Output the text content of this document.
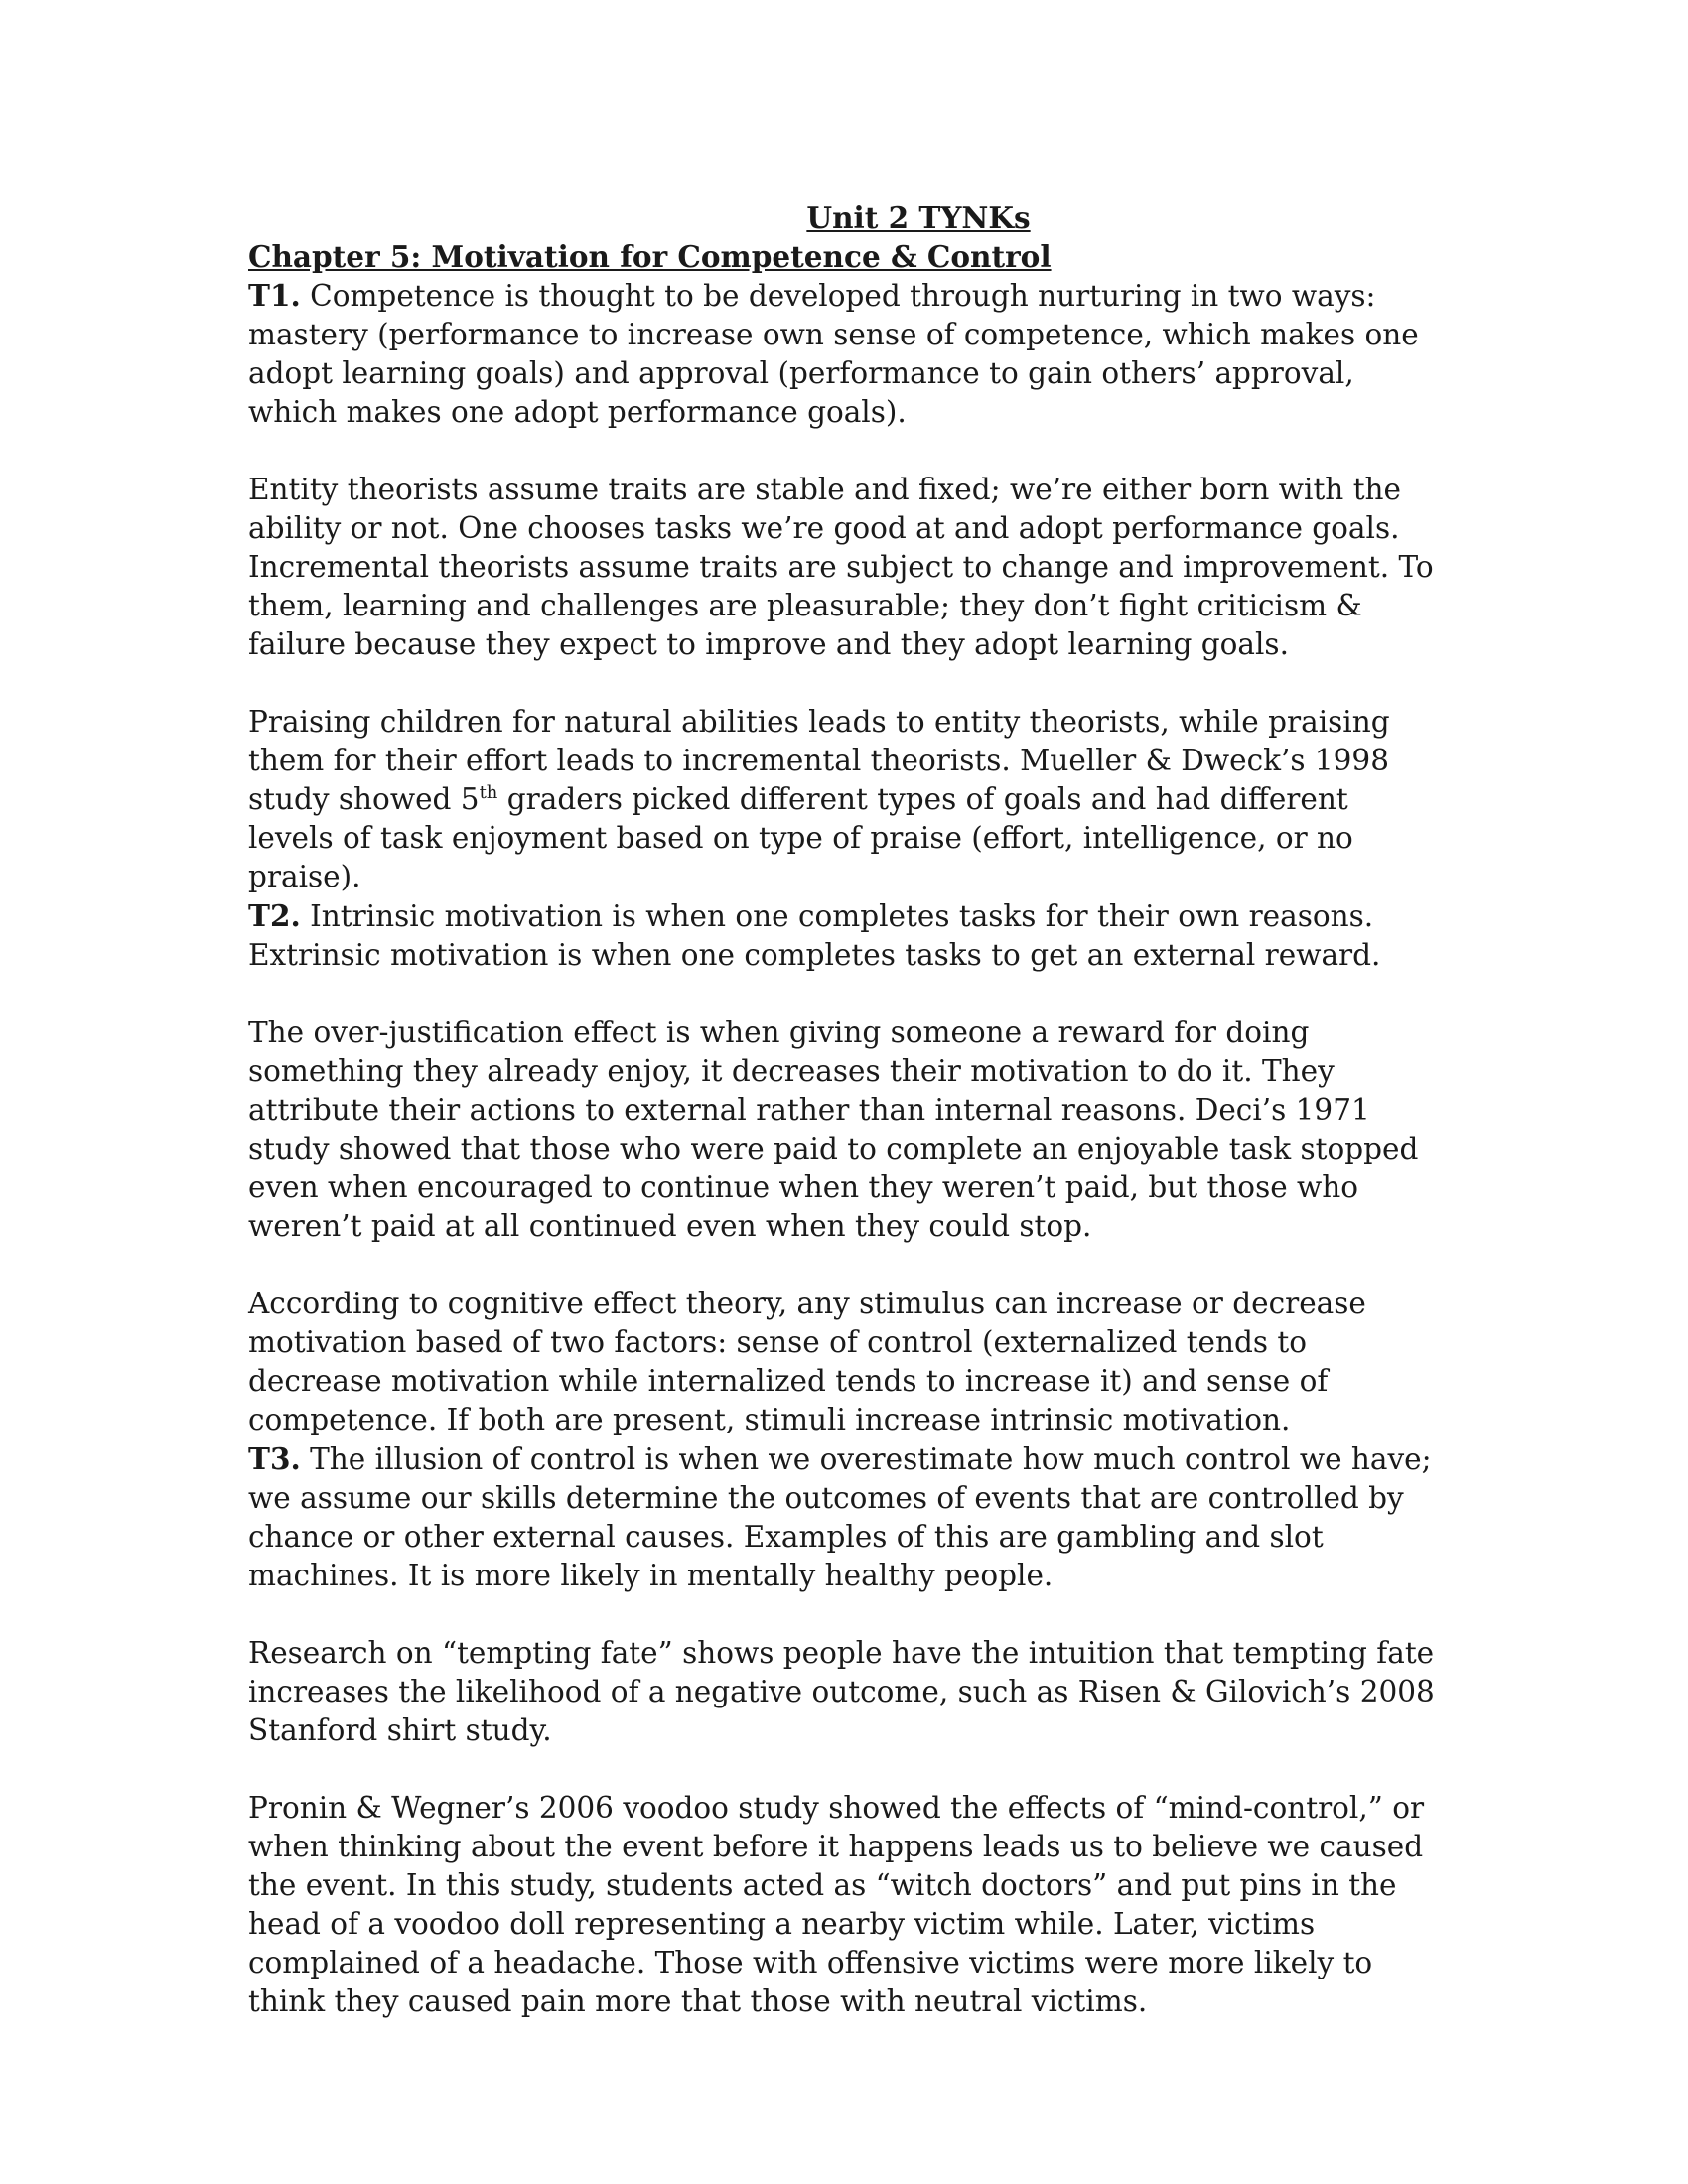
Unit 2 TYNKs

Chapter 5: Motivation for Competence & Control

T1. Competence is thought to be developed through nurturing in two ways: mastery (performance to increase own sense of competence, which makes one adopt learning goals) and approval (performance to gain others’ approval, which makes one adopt performance goals).

Entity theorists assume traits are stable and fixed; we’re either born with the ability or not. One chooses tasks we’re good at and adopt performance goals. Incremental theorists assume traits are subject to change and improvement. To them, learning and challenges are pleasurable; they don’t fight criticism & failure because they expect to improve and they adopt learning goals.

Praising children for natural abilities leads to entity theorists, while praising them for their effort leads to incremental theorists. Mueller & Dweck’s 1998 study showed 5th graders picked different types of goals and had different levels of task enjoyment based on type of praise (effort, intelligence, or no praise).

T2. Intrinsic motivation is when one completes tasks for their own reasons. Extrinsic motivation is when one completes tasks to get an external reward.

The over-justification effect is when giving someone a reward for doing something they already enjoy, it decreases their motivation to do it. They attribute their actions to external rather than internal reasons. Deci’s 1971 study showed that those who were paid to complete an enjoyable task stopped even when encouraged to continue when they weren’t paid, but those who weren’t paid at all continued even when they could stop.

According to cognitive effect theory, any stimulus can increase or decrease motivation based of two factors: sense of control (externalized tends to decrease motivation while internalized tends to increase it) and sense of competence. If both are present, stimuli increase intrinsic motivation.

T3. The illusion of control is when we overestimate how much control we have; we assume our skills determine the outcomes of events that are controlled by chance or other external causes. Examples of this are gambling and slot machines. It is more likely in mentally healthy people.

Research on “tempting fate” shows people have the intuition that tempting fate increases the likelihood of a negative outcome, such as Risen & Gilovich’s 2008 Stanford shirt study.

Pronin & Wegner’s 2006 voodoo study showed the effects of “mind-control,” or when thinking about the event before it happens leads us to believe we caused the event. In this study, students acted as “witch doctors” and put pins in the head of a voodoo doll representing a nearby victim while. Later, victims complained of a headache. Those with offensive victims were more likely to think they caused pain more that those with neutral victims.
